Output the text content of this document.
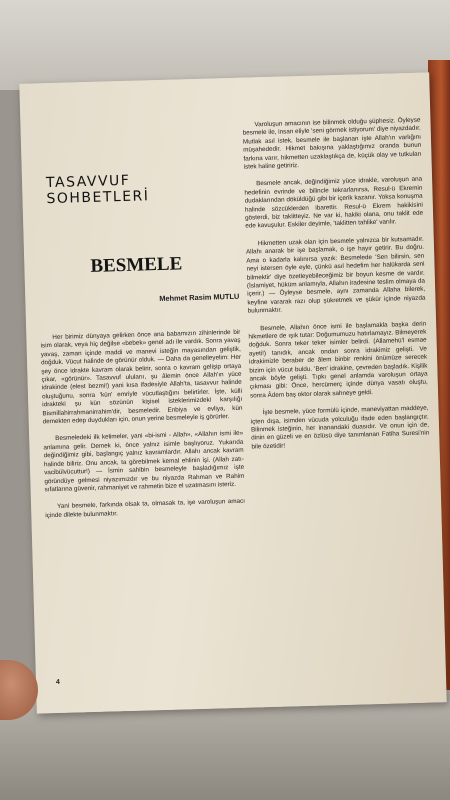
TASAVVUF SOHBETLERİ
BESMELE
Mehmet Rasim MUTLU

Her birimiz dünyaya gelirken önce ana babamızın zihinlerinde bir isim olarak, veya hiç değilse «bebek» genel adı ile vardık. Sonra yavaş yavaş, zaman içinde maddi ve manevi isteğin mayasından geliştik, doğduk. Vücut halinde de görünür olduk. — Daha da genelleyelim: Her şey önce idrakte kavram olarak belirir, sonra o kavram gelişip ortaya çıkar, «görünür». Tasavvuf ulularıı, şu âlemin önce Allah'ın yüce idrakinde (elest bezmi!) yani kısa ifadesiyle Allah'ta, tasavvur halinde oluştuğunu, sonra 'kün' emriyle vücutlaştığını belirtirler. İşte, külli idrakteki şu kün sözünün kişisel isteklerimizdeki karşılığı Bismillahirrahmanirrahim'dir, besmeledir. Enbiya ve evliya, kün demekten edep duydukları için, onun yerine besmeleyle iş görürler.

Besmeledeki ilk kelimeler, yani «bi-ismi - Allah», «Allahın ismi ile» anlamına gelir. Demek ki, önce yalnız isimle başlıyoruz. Yukarıda değindiğimiz gibi, başlangıç yalnız kavramlardır. Allahı ancak kavram halinde biliriz. Onu ancak, ta görebilmek kemal ehlinin işi. (Allah zatı-vacibülvücuttur!) — İsmin sahibin besmeleyle başladığımız işte göründüye gelmesi niyazımızdır ve bu niyazda Rahman ve Rahim sıfatlarına güvenir, rahmaniyet ve rahmetin bize el uzatmasını isteriz.

Yani besmele, farkında olsak ta, olmasak ta, işe varoluşun amacı içinde dilekte bulunmaktır.

Varoluşun amacının ise bilinmek olduğu şüphesiz. Öyleyse besmele ile, insan eliyle 'seni görmek istiyorum' diye niyazdadır. Mutlak asıl istek, besmele ile başlanan işte Allah'ın varlığını müşahededir. Hikmet bakışına yaklaştığımız oranda bunun farkına varır, hikmetten uzaklaştıkça de, küçük olay ve tutkuları istek haline getiririz.

Besmele ancak, değindiğimiz yüce idrakle, varoluşun ana hedefinin evrinde ve bilincle tekrarlanırsa, Resul-ü Ekremin dudaklarından döküldüğü gibi bir içerik kazanır. Yoksa konuşma halinde sözcüklerden ibarettir. Resul-ü Ekrem hakikisini gösterdi, biz taklitteyiz. Ne var ki, hakiki olana, onu taklit ede ede kavuşulur. Eskiler deyimle, 'taklitten tahlike' varılır.

Hikmetten uzak olan için besmele yalnızca bir kutsamadır. Allahı anarak bir işe başlamak, o işe hayır getirir. Bu doğru. Ama o kadarla kalınırsa yazık: Besmelede 'Sen bilirsin, sen neyi istersen öyle eyle, çünkü asıl hedefim her halükarda seni bilmektir' diye özetleyebileceğimiz bir boyun kesme de vardır. (İslamiyet, hüküm anlamıyla, Allahın iradesine teslim olmaya da içerir.) — Öyleyse besmele, aynı zamanda Allaha bilerek, keyfine vararak razı olup şükretmek ve şükür içinde niyazda bulunmaktır.

Besmele, Allahın önce ismi ile başlamakla başka derin hikmetlere de ışık tutar: Doğumumuzu hatırlamayız. Bilmeyerek doğduk. Sonra teker teker isimler belirdi. (Allamehü'l esmae ayeti!) tanıdık, ancak ondan sonra idrakimiz gelişti. Ve idrakimizle beraber de âlem binbir renkini önümüze serecek bizim için vücut buldu. 'Ben' idrakine, çevreden başladık. Kişilik ancak böyle gelişti. Tıpkı genel anlamda varoluşun ortaya çıkması gibi: Önce, hercümerç içinde dünya vasatı oluştu, sonra Âdem baş oktor olarak sahneye geldi.

İşte besmele, yüce formülü içinde, maneviyattan maddeye, içten dışa, isimden vücuda yolculuğu ifade eden başlangıçtır. Bilinmek isteğinin, her inanandaki duasıdır. Ve onun için de, dinin en güzeli ve en özlüsü diye tanımlanan Fatiha Suresi'nin bile özetidir!

4
